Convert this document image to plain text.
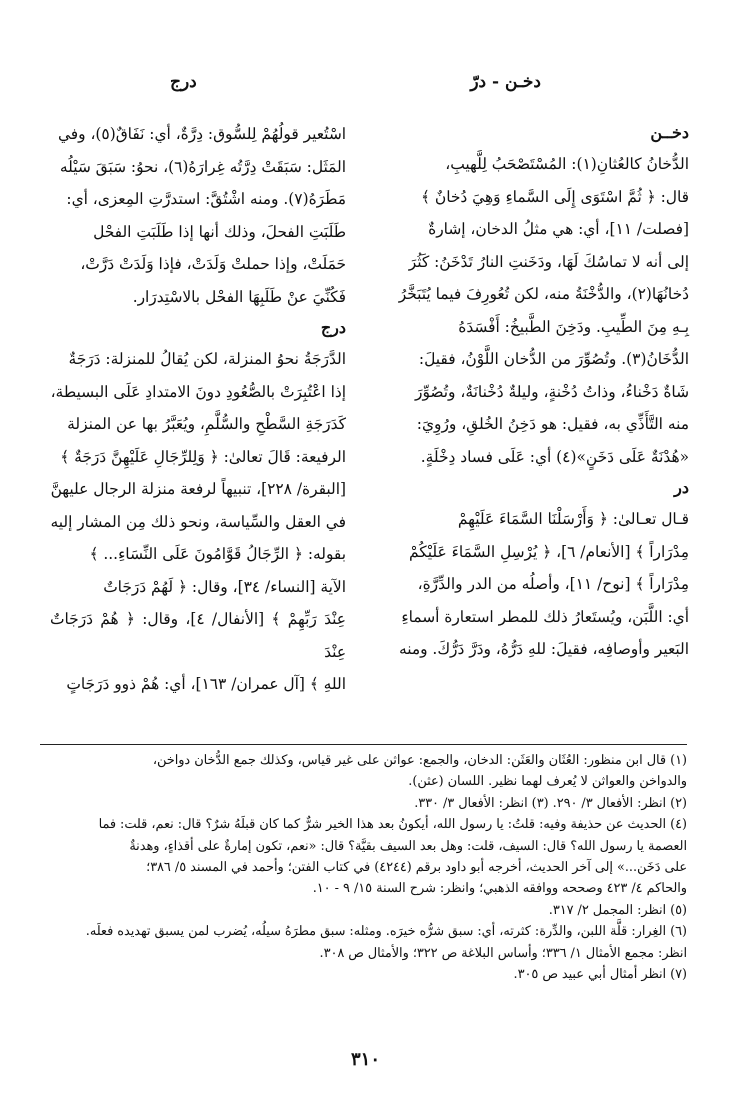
دخـن - درّ
درج

دخــن

الدُّخانُ كالعُثانِ(١): المُسْتَصْحَبُ لِلَّهيبِ،

قال: ﴿ ثُمَّ اسْتَوَى إِلَى السَّماءِ وَهِيَ دُخانٌ ﴾

[فصلت/ ١١]، أي: هي مثلُ الدخان، إشارةٌ

إلى أنه لا تماسُكَ لَهَا، ودَخَنتِ النارُ تَدْخَنُ: كَثُرَ

دُخانُهَا(٢)، والدُّخْنَةُ منه، لكن تُعُورِفَ فيما يُتَبَخَّرُ

بِـهِ مِنَ الطِّيبِ. ودَخِنَ الطَّبيخُ: أَفْسَدَهُ

الدُّخَانُ(٣). وتُصُوِّرَ من الدُّخان اللَّوْنُ، فقيلَ:

شَاةٌ دَخْناءُ، وذاتُ دُخْنةٍ، وليلةٌ دُخْنانَةٌ، وتُصُوِّرَ

منه التَّأَذِّي به، فقيل: هو دَخِنُ الخُلقِ، ورُوِيَ:

«هُدْنَةٌ عَلَى دَخَنٍ»(٤) أي: عَلَى فساد دِخْلَةٍ.

در

قـال تعـالىٰ: ﴿ وَأَرْسَلْنَا السَّمَاءَ عَلَيْهِمْ

مِدْرَاراً ﴾ [الأنعام/ ٦]، ﴿ يُرْسِلِ السَّمَاءَ عَلَيْكُمْ

مِدْرَاراً ﴾ [نوح/ ١١]، وأصلُه من الدر والدِّرَّةِ،

أي: اللَّبَن، ويُستَعارُ ذلك للمطر استعارة أسماءِ

البَعير وأوصافِه، فقيلَ: للهِ دَرُّهُ، ودَرَّ دَرُّكَ. ومنه

اسْتُعير قولُهُمْ لِلسُّوق: دِرَّةٌ، أي: نَفَاقٌ(٥)، وفي

المَثَل: سَبَقَتْ دِرَّتُه غِرارَهُ(٦)، نحوُ: سَبَقَ سَيْلُه

مَطَرَهُ(٧). ومنه اشْتُقَّ: استدرَّتِ المِعزى، أي:

طَلَبَتِ الفحلَ، وذلك أنها إذا طَلَبَتِ الفحْل

حَمَلَتْ، وإذا حملتْ وَلَدَتْ، فإذا وَلَدَتْ دَرَّتْ،

فَكُنِّيَ عنْ طَلَبِهَا الفحْل بالاسْتِدرَار.

درج

الدَّرَجَةُ نحوُ المنزلة، لكن يُقالُ للمنزلة: دَرَجَةٌ

إذا اعْتُبِرَتْ بالصُّعُودِ دونَ الامتدادِ عَلَى البسيطة،

كَدَرَجَةِ السَّطْحِ والسُّلَّمِ، ويُعَبَّرُ بها عن المنزلة

الرفيعة: قَالَ تعالىٰ: ﴿ وَلِلرِّجَالِ عَلَيْهِنَّ دَرَجَةٌ ﴾

[البقرة/ ٢٢٨]، تنبيهاً لرفعة منزلة الرجال عليهنَّ

في العقل والسِّياسة، ونحو ذلك مِن المشار إليه

بقوله: ﴿ الرِّجَالُ قَوَّامُونَ عَلَى النِّسَاءِ... ﴾

الآية [النساء/ ٣٤]، وقال: ﴿ لَهُمْ دَرَجَاتٌ

عِنْدَ رَبِّهِمْ ﴾ [الأنفال/ ٤]، وقال: ﴿ هُمْ دَرَجَاتٌ عِنْدَ

اللهِ ﴾ [آل عمران/ ١٦٣]، أي: هُمْ ذوو دَرَجَاتٍ

(١) قال ابن منظور: العُثَان والعَثَن: الدخان، والجمع: عواثن على غير قياس، وكذلك جمع الدُّخان دواخن،

والدواخن والعواثن لا يُعرف لهما نظير. اللسان (عثن).

(٢) انظر: الأفعال ٣/ ٢٩٠. (٣) انظر: الأفعال ٣/ ٣٣٠.

(٤) الحديث عن حذيفة وفيه: قلتُ: يا رسول الله، أيكونُ بعد هذا الخير شرٌّ كما كان قبلَهُ شرٌ؟ قال: نعم، قلت: فما

العصمة يا رسول الله؟ قال: السيف، قلت: وهل بعد السيف بقيَّة؟ قال: «نعم، تكون إمارةٌ على أقذاءٍ، وهدنةٌ

على دَخَن...» إلى آخر الحديث، أخرجه أبو داود برقم (٤٢٤٤) في كتاب الفتن؛ وأحمد في المسند ٥/ ٣٨٦؛

والحاكم ٤/ ٤٢٣ وصححه ووافقه الذهبي؛ وانظر: شرح السنة ١٥/ ٩ - ١٠.

(٥) انظر: المجمل ٢/ ٣١٧.

(٦) الغِرار: قلَّة اللبن، والدِّرة: كثرته، أي: سبق شرُّه خيرَه. ومثله: سبق مطرَهُ سيلُه، يُضرب لمن يسبق تهديده فعلَه.

انظر: مجمع الأمثال ١/ ٣٣٦؛ وأساس البلاغة ص ٣٢٢؛ والأمثال ص ٣٠٨.

(٧) انظر أمثال أبي عبيد ص ٣٠٥.

٣١٠
